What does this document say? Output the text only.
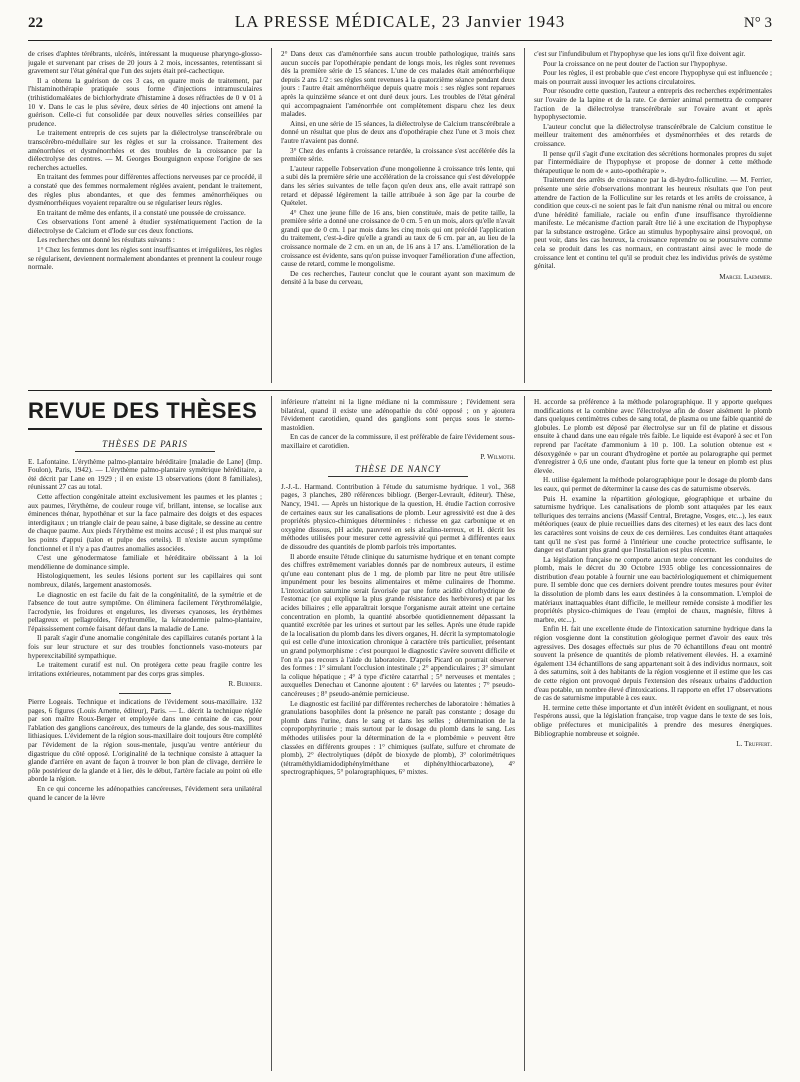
22	LA PRESSE MÉDICALE, 23 Janvier 1943	N° 3

de crises d'aphtes térébrants, ulcérés, intéressant la muqueuse pharyngo-glosso-jugale et survenant par crises de 20 jours à 2 mois, incessantes, retentissant si gravement sur l'état général que l'un des sujets était pré-cachectique.

Il a obtenu la guérison de ces 3 cas, en quatre mois de traitement, par l'histaminothérapie pratiquée sous forme d'injections intramusculaires (trihistidomaléates de bichlorhydrate d'histamine à doses réfractées de 0 ∨ 01 à 10 ∨. Dans le cas le plus sévère, deux séries de 40 injections ont amené la guérison. Celle-ci fut consolidée par deux nouvelles séries conseillées par prudence.

Le traitement entrepris de ces sujets par la diélectrolyse transcérébrale ou transcérébro-médullaire sur les règles et sur la croissance. Traitement des aménorrhées et dysménorrhées et des troubles de la croissance par la diélectrolyse des centres. — M. Georges Bourguignon expose l'origine de ses recherches actuelles.

En traitant des femmes pour différentes affections nerveuses par ce procédé, il a constaté que des femmes normalement réglées avaient, pendant le traitement, des règles plus abondantes, et que des femmes aménorrhéiques ou dysménorrhéiques voyaient reparaître ou se régulariser leurs règles.

En traitant de même des enfants, il a constaté une poussée de croissance.

Ces observations l'ont amené à étudier systématiquement l'action de la diélectrolyse de Calcium et d'Iode sur ces deux fonctions.

Les recherches ont donné les résultats suivants :

1° Chez les femmes dont les règles sont insuffisantes et irrégulières, les règles se régularisent, deviennent normalement abondantes et prennent la couleur rouge normale.

2° Dans deux cas d'aménorrhée sans aucun trouble pathologique, traités sans aucun succès par l'opothérapie pendant de longs mois, les règles sont revenues dès la première série de 15 séances. L'une de ces malades était aménorrhéique depuis 2 ans 1/2 : ses règles sont revenues à la quatorzième séance pendant deux jours : l'autre était aménorrhéique depuis quatre mois : ses règles sont reparues après la quinzième séance et ont duré deux jours. Les troubles de l'état général qui accompagnaient l'aménorrhée ont complètement disparu chez les deux malades.

Ainsi, en une série de 15 séances, la diélectrolyse de Calcium transcérébrale a donné un résultat que plus de deux ans d'opothérapie chez l'une et 3 mois chez l'autre n'avaient pas donné.

3° Chez des enfants à croissance retardée, la croissance s'est accélérée dès la première série.

L'auteur rappelle l'observation d'une mongolienne à croissance très lente, qui a subi dès la première série une accélération de la croissance qui s'est développée dans les séries suivantes de telle façon qu'en deux ans, elle avait rattrapé son retard et dépassé légèrement la taille attribuée à son âge par la courbe de Quételet.

4° Chez une jeune fille de 16 ans, bien constituée, mais de petite taille, la première série a donné une croissance de 0 cm. 5 en un mois, alors qu'elle n'avait grandi que de 0 cm. 1 par mois dans les cinq mois qui ont précédé l'application du traitement, c'est-à-dire qu'elle a grandi au taux de 6 cm. par an, au lieu de la croissance normale de 2 cm. en un an, de 16 ans à 17 ans. L'amélioration de la croissance est évidente, sans qu'on puisse invoquer l'amélioration d'une affection, cause de retard, comme le mongolisme.

De ces recherches, l'auteur conclut que le courant ayant son maximum de densité à la base du cerveau,

c'est sur l'infundibulum et l'hypophyse que les ions qu'il fixe doivent agir.

Pour la croissance on ne peut douter de l'action sur l'hypophyse.

Pour les règles, il est probable que c'est encore l'hypophyse qui est influencée ; mais on pourrait aussi invoquer les actions circulatoires.

Pour résoudre cette question, l'auteur a entrepris des recherches expérimentales sur l'ovaire de la lapine et de la rate. Ce dernier animal permettra de comparer l'action de la diélectrolyse transcérébrale sur l'ovaire avant et après hypophysectomie.

L'auteur conclut que la diélectrolyse transcérébrale de Calcium constitue le meilleur traitement des aménorrhées et dysménorrhées et des retards de croissance.

Il pense qu'il s'agit d'une excitation des sécrétions hormonales propres du sujet par l'intermédiaire de l'hypophyse et propose de donner à cette méthode thérapeutique le nom de « auto-opothérapie ».

Traitement des arrêts de croissance par la di-hydro-folliculine. — M. Ferrier, présente une série d'observations montrant les heureux résultats que l'on peut attendre de l'action de la Folliculine sur les retards et les arrêts de croissance, à condition que ceux-ci ne soient pas le fait d'un nanisme rénal ou mitral ou encore d'une hérédité familiale, raciale ou enfin d'une insuffisance thyroïdienne manifeste. Le mécanisme d'action paraît être lié à une excitation de l'hypophyse par la substance œstrogène. Grâce au stimulus hypophysaire ainsi provoqué, on peut voir, dans les cas heureux, la croissance reprendre ou se poursuivre comme cela se produit dans les cas normaux, en contrastant ainsi avec le mode de croissance lent et continu tel qu'il se produit chez les individus privés de système génital.

Marcel Laemmer.

REVUE DES THÈSES
THÈSES DE PARIS

E. Lafontaine. L'érythème palmo-plantaire héréditaire [maladie de Lane] (Imp. Foulon), Paris, 1942). — L'érythème palmo-plantaire symétrique héréditaire, a été décrit par Lane en 1929 ; il en existe 13 observations (dont 8 familiales), réunissant 27 cas au total.

Cette affection congénitale atteint exclusivement les paumes et les plantes ; aux paumes, l'érythème, de couleur rouge vif, brillant, intense, se localise aux éminences thénar, hypothénar et sur la face palmaire des doigts et des espaces interdigitaux ; un triangle clair de peau saine, à base digitale, se dessine au centre de chaque paume. Aux pieds l'érythème est moins accusé ; il est plus marqué sur les points d'appui (talon et pulpe des orteils). Il n'existe aucun symptôme fonctionnel et il n'y a pas d'autres anomalies associées.

C'est une génodermatose familiale et héréditaire obéissant à la loi mendélienne de dominance simple.

Histologiquement, les seules lésions portent sur les capillaires qui sont nombreux, dilatés, largement anastomosés.

Le diagnostic en est facile du fait de la congénitalité, de la symétrie et de l'absence de tout autre symptôme. On éliminera facilement l'érythromélalgie, l'acrodynie, les froidures et engelures, les diverses cyanoses, les érythèmes pellagreux et pellagroïdes, l'érythromélie, la kératodermie palmo-plantaire, l'épaississement cornée faisant défaut dans la maladie de Lane.

Il paraît s'agir d'une anomalie congénitale des capillaires cutanés portant à la fois sur leur structure et sur des troubles fonctionnels vaso-moteurs par hyperexcitabilité sympathique.

Le traitement curatif est nul. On protégera cette peau fragile contre les irritations extérieures, notamment par des corps gras simples.

R. Burnier.

Pierre Logeais. Technique et indications de l'évidement sous-maxillaire. 132 pages, 6 figures (Louis Arnette, éditeur), Paris. — L. décrit la technique réglée par son maître Roux-Berger et employée dans une centaine de cas, pour l'ablation des ganglions cancéreux, des tumeurs de la glande, des sous-maxillites lithiasiques. L'évidement de la région sous-maxillaire doit toujours être complété par l'évidement de la région sous-mentale, jusqu'au ventre antérieur du digastrique du côté opposé. L'originalité de la technique consiste à attaquer la glande d'arrière en avant de façon à trouver le bon plan de clivage, derrière le pôle postérieur de la glande et à lier, dès le début, l'artère faciale au point où elle aborde la région.

En ce qui concerne les adénopathies cancéreuses, l'évidement sera unilatéral quand le cancer de la lèvre

inférieure n'atteint ni la ligne médiane ni la commissure ; l'évidement sera bilatéral, quand il existe une adénopathie du côté opposé ; on y ajoutera l'évidement carotidien, quand des ganglions sont perçus sous le sterno-mastoïdien.

En cas de cancer de la commissure, il est préférable de faire l'évidement sous-maxillaire et carotidien.

P. Wilmoth.

THÈSE DE NANCY

J.-J.-L. Harmand. Contribution à l'étude du saturnisme hydrique. 1 vol., 368 pages, 3 planches, 280 références bibliogr. (Berger-Levrault, éditeur). Thèse, Nancy, 1941. — Après un historique de la question, H. étudie l'action corrosive de certaines eaux sur les canalisations de plomb. Leur agressivité est due à des propriétés physico-chimiques déterminées : richesse en gaz carbonique et en oxygène dissous, pH acide, pauvreté en sels alcalino-terreux, et H. décrit les méthodes utilisées pour mesurer cette agressivité qui permet à différentes eaux de dissoudre des quantités de plomb parfois très importantes.

Il aborde ensuite l'étude clinique du saturnisme hydrique et en tenant compte des chiffres extrêmement variables donnés par de nombreux auteurs, il estime qu'une eau contenant plus de 1 mg. de plomb par litre ne peut être utilisée impunément pour les besoins alimentaires et même culinaires de l'homme. L'intoxication saturnine serait favorisée par une forte acidité chlorhydrique de l'estomac (ce qui explique la plus grande résistance des herbivores) et par les acides biliaires ; elle apparaîtrait lorsque l'organisme aurait atteint une certaine concentration en plomb, la quantité absorbée quotidiennement dépassant la quantité excrétée par les urines et surtout par les selles. Après une étude rapide de la localisation du plomb dans les divers organes, H. décrit la symptomatologie qui est celle d'une intoxication chronique à caractère très particulier, présentant un grand polymorphisme : c'est pourquoi le diagnostic s'avère souvent difficile et l'on n'a pas recours à l'aide du laboratoire. D'après Picard on pourrait observer des formes : 1° simulant l'occlusion intestinale ; 2° appendiculaires ; 3° simulant la colique hépatique ; 4° à type d'ictère catarrhal ; 5° nerveuses et mentales ; auxquelles Denechau et Canonne ajoutent : 6° larvées ou latentes ; 7° pseudo-cancéreuses ; 8° pseudo-anémie pernicieuse.

Le diagnostic est facilité par différentes recherches de laboratoire : hématies à granulations basophiles dont la présence ne paraît pas constante ; dosage du plomb dans l'urine, dans le sang et dans les selles ; détermination de la coproporphyrinurie ; mais surtout par le dosage du plomb dans le sang. Les méthodes utilisées pour la détermination de la « plombémie » peuvent être classées en différents groupes : 1° chimiques (sulfate, sulfure et chromate de plomb), 2° électrolytiques (dépôt de bioxyde de plomb), 3° colorimétriques (tétraméthyldiamidodiphénylméthane et diphénylthiocarbazone), 4° spectrographiques, 5° polarographiques, 6° mixtes.

H. accorde sa préférence à la méthode polarographique. Il y apporte quelques modifications et la combine avec l'électrolyse afin de doser aisément le plomb dans quelques centimètres cubes de sang total, de plasma ou une faible quantité de globules. Le plomb est déposé par électrolyse sur un fil de platine et dissous ensuite à chaud dans une eau régale très faible. Le liquide est évaporé à sec et l'on reprend par l'acétate d'ammonium à 10 p. 100. La solution obtenue est « désoxygénée » par un courant d'hydrogène et portée au polarographe qui permet d'enregistrer à 0,6 une onde, d'autant plus forte que la teneur en plomb est plus élevée.

H. utilise également la méthode polarographique pour le dosage du plomb dans les eaux, qui permet de déterminer la cause des cas de saturnisme observés.

Puis H. examine la répartition géologique, géographique et urbaine du saturnisme hydrique. Les canalisations de plomb sont attaquées par les eaux telluriques des terrains anciens (Massif Central, Bretagne, Vosges, etc...), les eaux météoriques (eaux de pluie recueillies dans des citernes) et les eaux des lacs dont les caractères sont voisins de ceux de ces dernières. Les conduites étant attaquées tant qu'il ne s'est pas formé à l'intérieur une couche protectrice suffisante, le danger est d'autant plus grand que l'installation est plus récente.

La législation française ne comporte aucun texte concernant les conduites de plomb, mais le décret du 30 Octobre 1935 oblige les concessionnaires de distribution d'eau potable à fournir une eau bactériologiquement et chimiquement pure. Il semble donc que ces derniers doivent prendre toutes mesures pour éviter la dissolution de plomb dans les eaux destinées à la consommation. L'emploi de matériaux inattaquables étant difficile, le meilleur remède consiste à modifier les propriétés physico-chimiques de l'eau (emploi de chaux, magnésie, filtres à marbre, etc...).

Enfin H. fait une excellente étude de l'intoxication saturnine hydrique dans la région vosgienne dont la constitution géologique permet d'avoir des eaux très agressives. Des dosages effectués sur plus de 70 échantillons d'eau ont montré souvent la présence de quantités de plomb relativement élevées. H. a examiné également 134 échantillons de sang appartenant soit à des individus normaux, soit à des saturnins, soit à des habitants de la région vosgienne et il estime que les cas de cette région ont provoqué depuis l'extension des réseaux urbains d'adduction d'eau potable, un nombre élevé d'intoxications. Il rapporte en effet 17 observations de cas de saturnisme imputable à ces eaux.

H. termine cette thèse importante et d'un intérêt évident en soulignant, et nous l'espérons aussi, que la législation française, trop vague dans le texte de ses lois, oblige préfectures et municipalités à prendre des mesures énergiques. Bibliographie nombreuse et soignée.

L. Truffert.
